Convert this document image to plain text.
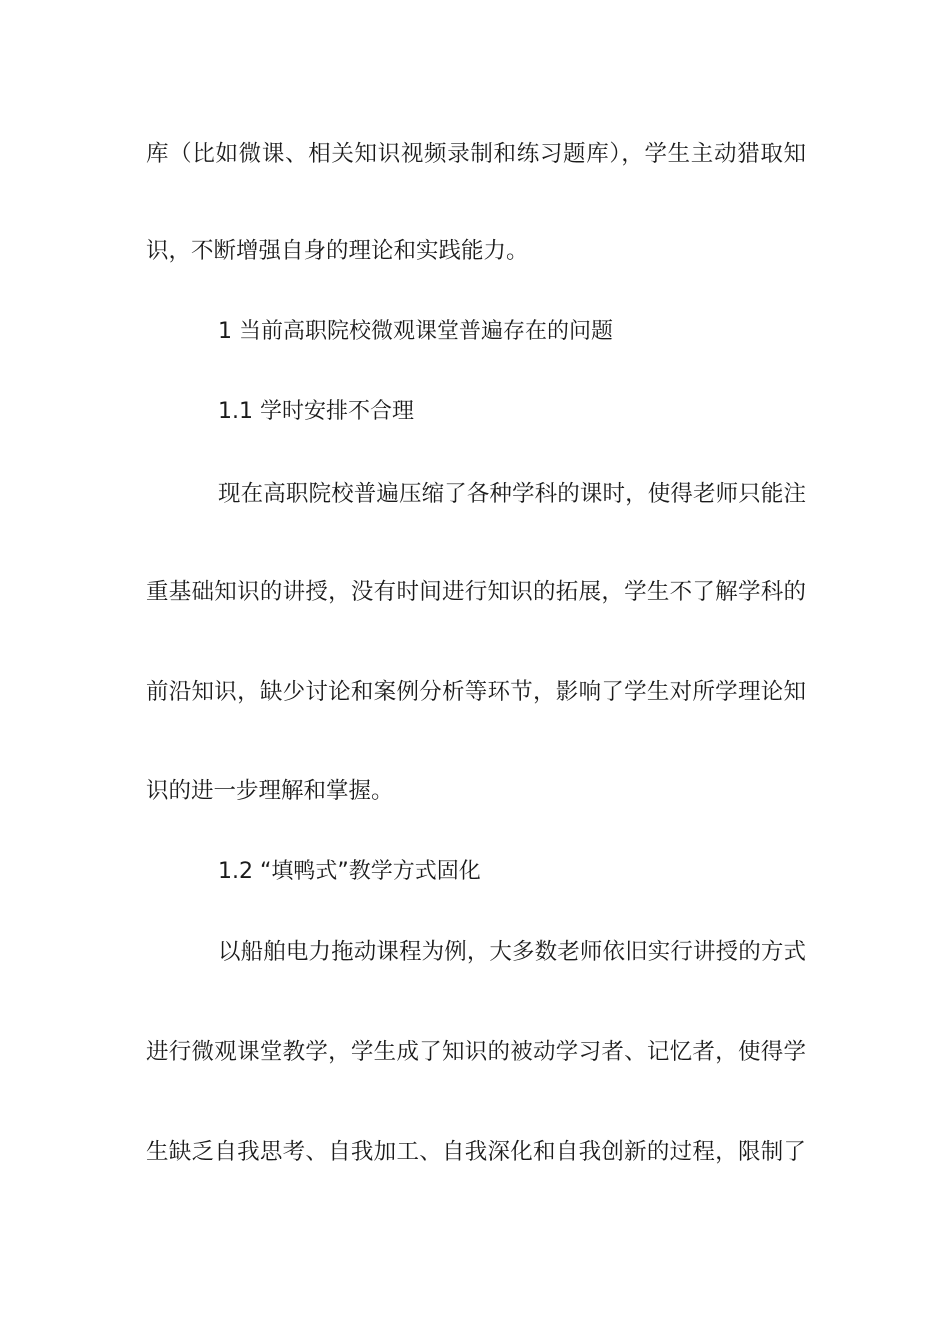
库（比如微课、相关知识视频录制和练习题库），学生主动猎取知
识，不断增强自身的理论和实践能力。
1 当前高职院校微观课堂普遍存在的问题
1.1 学时安排不合理
现在高职院校普遍压缩了各种学科的课时，使得老师只能注
重基础知识的讲授，没有时间进行知识的拓展，学生不了解学科的
前沿知识，缺少讨论和案例分析等环节，影响了学生对所学理论知
识的进一步理解和掌握。
1.2 “填鸭式”教学方式固化
以船舶电力拖动课程为例，大多数老师依旧实行讲授的方式
进行微观课堂教学，学生成了知识的被动学习者、记忆者，使得学
生缺乏自我思考、自我加工、自我深化和自我创新的过程，限制了
